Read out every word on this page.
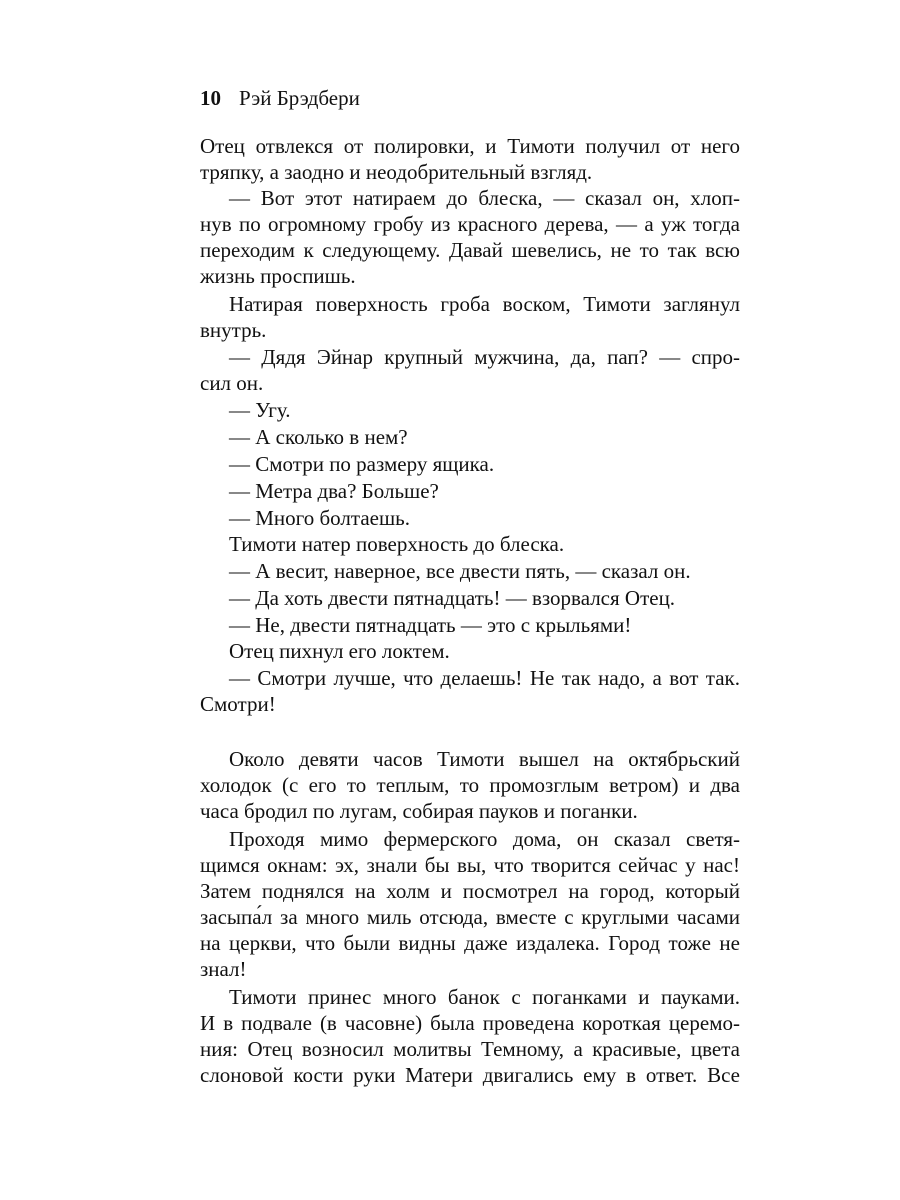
10 Рэй Брэдбери
Отец отвлекся от полировки, и Тимоти получил от него
тряпку, а заодно и неодобрительный взгляд.
— Вот этот натираем до блеска, — сказал он, хлоп-
нув по огромному гробу из красного дерева, — а уж тогда
переходим к следующему. Давай шевелись, не то так всю
жизнь проспишь.
Натирая поверхность гроба воском, Тимоти заглянул
внутрь.
— Дядя Эйнар крупный мужчина, да, пап? — спро-
сил он.
— Угу.
— А сколько в нем?
— Смотри по размеру ящика.
— Метра два? Больше?
— Много болтаешь.
Тимоти натер поверхность до блеска.
— А весит, наверное, все двести пять, — сказал он.
— Да хоть двести пятнадцать! — взорвался Отец.
— Не, двести пятнадцать — это с крыльями!
Отец пихнул его локтем.
— Смотри лучше, что делаешь! Не так надо, а вот так.
Смотри!
Около девяти часов Тимоти вышел на октябрьский
холодок (с его то теплым, то промозглым ветром) и два
часа бродил по лугам, собирая пауков и поганки.
Проходя мимо фермерского дома, он сказал светя-
щимся окнам: эх, знали бы вы, что творится сейчас у нас!
Затем поднялся на холм и посмотрел на город, который
засыпа́л за много миль отсюда, вместе с круглыми часами
на церкви, что были видны даже издалека. Город тоже не
знал!
Тимоти принес много банок с поганками и пауками.
И в подвале (в часовне) была проведена короткая церемо-
ния: Отец возносил молитвы Темному, а красивые, цвета
слоновой кости руки Матери двигались ему в ответ. Все
